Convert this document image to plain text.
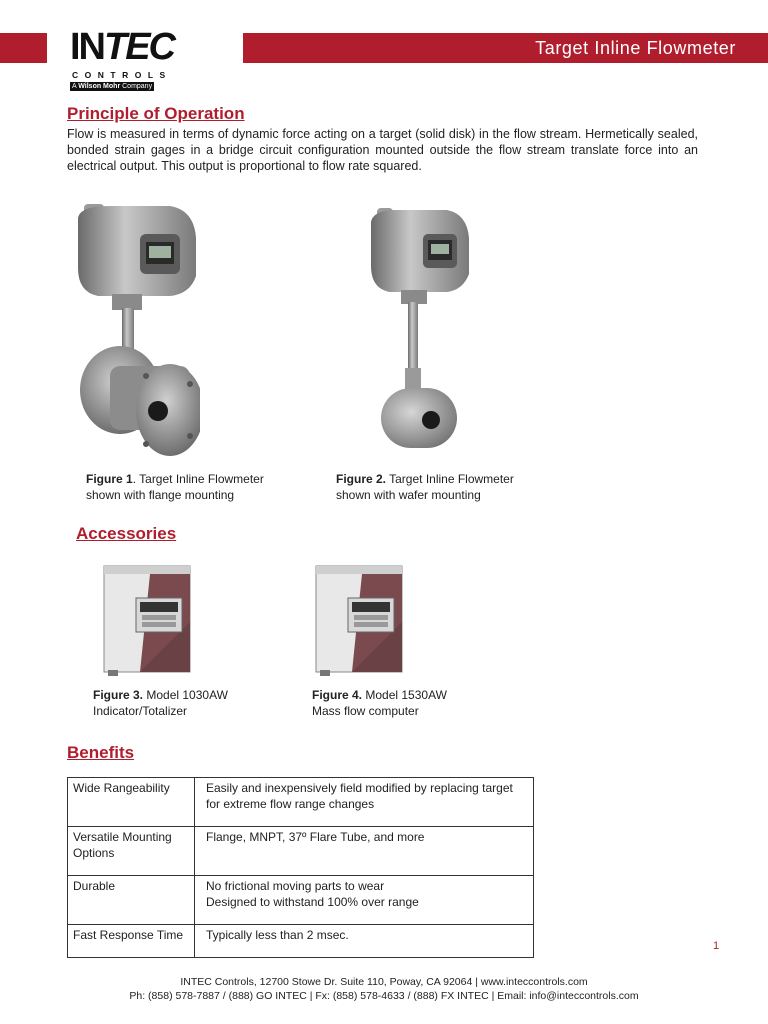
Target Inline Flowmeter
INTEC
CONTROLS
A Wilson Mohr Company
Principle of Operation
Flow is measured in terms of dynamic force acting on a target (solid disk) in the flow stream. Hermetically sealed, bonded strain gages in a bridge circuit configuration mounted outside the flow stream translate force into an electrical output. This output is proportional to flow rate squared.
Figure 1. Target Inline Flowmeter
shown with flange mounting
Figure 2. Target Inline Flowmeter
shown with wafer mounting
Accessories
Figure 3. Model 1030AW
Indicator/Totalizer
Figure 4. Model 1530AW
Mass flow computer
Benefits
Wide Rangeability	Easily and inexpensively field modified by replacing target
for extreme flow range changes

Versatile Mounting Options	Flange, MNPT, 37º Flare Tube, and more

Durable	No frictional moving parts to wear
Designed to withstand 100% over range

Fast Response Time	Typically less than 2 msec.
1
INTEC Controls, 12700 Stowe Dr. Suite 110, Poway, CA 92064 | www.inteccontrols.com
Ph: (858) 578-7887 / (888) GO INTEC | Fx: (858) 578-4633 / (888) FX INTEC | Email: info@inteccontrols.com
